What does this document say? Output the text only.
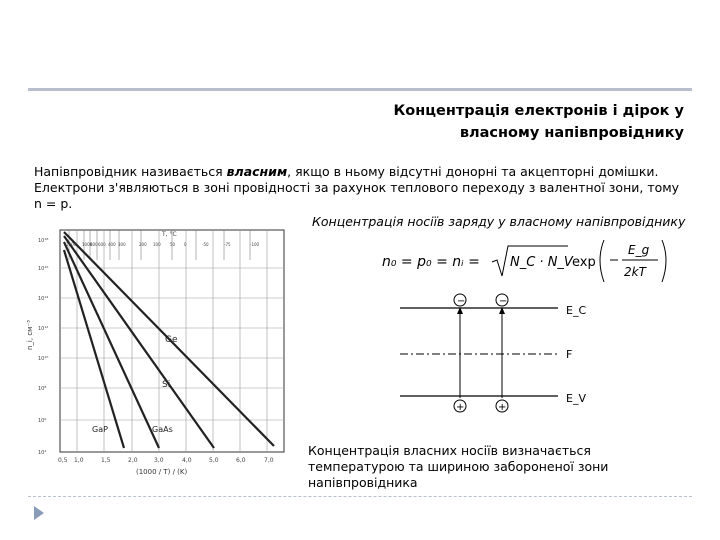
Концентрація електронів і дірок у
власному напівпровіднику
Напівпровідник називається власним, якщо в ньому відсутні донорні та акцепторні домішки.
Електрони з'являються в зоні провідності за рахунок теплового переходу з валентної зони, тому n = p.
Ge
Si
GaAs
GaP
T, °C
1600 1000
800 600 400 300	200 100 50 0	-50	-75	-100
10¹⁸
10¹⁶
10¹⁴
10¹²
10¹⁰
10⁸
10⁶
10⁴
n_i, см⁻³
0,5 1,0	1,5	2,0	3,0	4,0	5,0	6,0	7,0
(1000 / T) / (K)
Концентрація носіїв заряду у власному напівпровіднику
n₀ = p₀ = nᵢ = N_C · N_V exp
E_g
2kT
E_C
F
E_V
−	−
+	+
Концентрація власних носіїв визначається температурою та шириною забороненої зони напівпровідника
